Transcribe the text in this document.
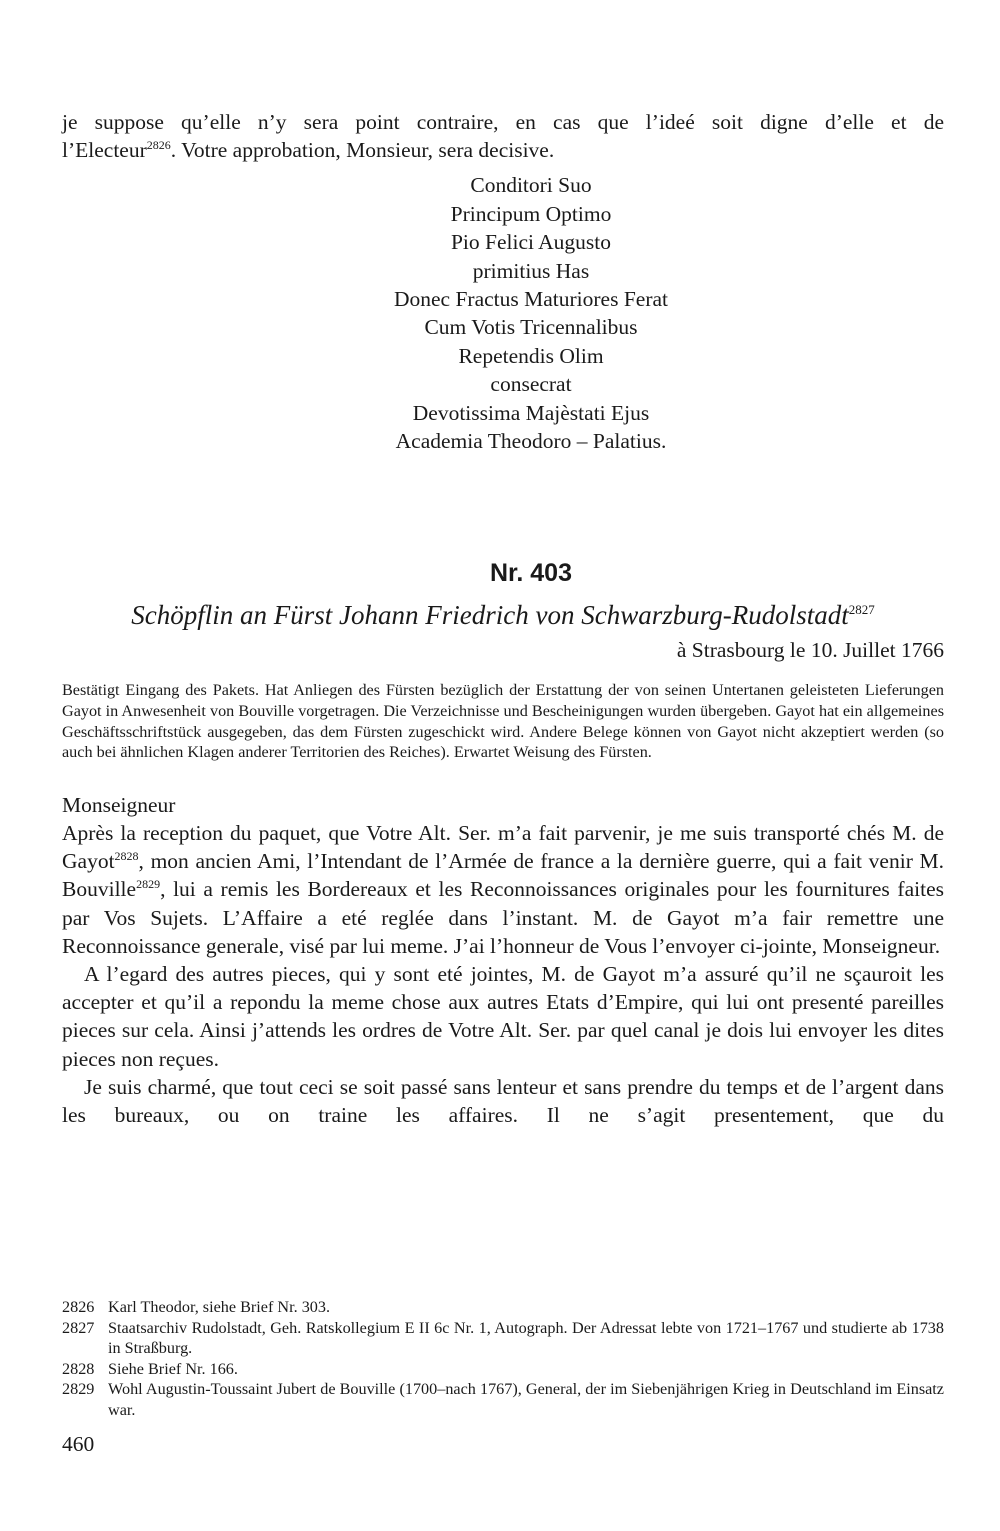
je suppose qu’elle n’y sera point contraire, en cas que l’ideé soit digne d’elle et de
l’Electeur$^{2826}$. Votre approbation, Monsieur, sera decisive.
Conditori Suo
Principum Optimo
Pio Felici Augusto
primitius Has
Donec Fractus Maturiores Ferat
Cum Votis Tricennalibus
Repetendis Olim
consecrat
Devotissima Majèstati Ejus
Academia Theodoro – Palatius.
Nr. 403
Schöpflin an Fürst Johann Friedrich von Schwarzburg-Rudolstadt$^{2827}$
à Strasbourg le 10. Juillet 1766
Bestätigt Eingang des Pakets. Hat Anliegen des Fürsten bezüglich der Erstattung der von seinen Untertanen geleisteten Lieferungen Gayot in Anwesenheit von Bouville vorgetragen. Die Verzeichnisse und Bescheinigungen wurden übergeben. Gayot hat ein allgemeines Geschäftsschriftstück ausgegeben, das dem Fürsten zugeschickt wird. Andere Belege können von Gayot nicht akzeptiert werden (so auch bei ähnlichen Klagen anderer Territorien des Reiches). Erwartet Weisung des Fürsten.
Monseigneur

Après la reception du paquet, que Votre Alt. Ser. m’a fait parvenir, je me suis transporté chés M. de Gayot$^{2828}$, mon ancien Ami, l’Intendant de l’Armée de france a la dernière guerre, qui a fait venir M. Bouville$^{2829}$, lui a remis les Bordereaux et les Reconnoissances originales pour les fournitures faites par Vos Sujets. L’Affaire a eté reglée dans l’instant. M. de Gayot m’a fair remettre une Reconnoissance generale, visé par lui meme. J’ai l’honneur de Vous l’envoyer ci-jointe, Monseigneur.

A l’egard des autres pieces, qui y sont eté jointes, M. de Gayot m’a assuré qu’il ne sçauroit les accepter et qu’il a repondu la meme chose aux autres Etats d’Empire, qui lui ont presenté pareilles pieces sur cela. Ainsi j’attends les ordres de Votre Alt. Ser. par quel canal je dois lui envoyer les dites pieces non reçues.

Je suis charmé, que tout ceci se soit passé sans lenteur et sans prendre du temps et de l’argent dans les bureaux, ou on traine les affaires. Il ne s’agit presentement, que du

2826 Karl Theodor, siehe Brief Nr. 303.
2827 Staatsarchiv Rudolstadt, Geh. Ratskollegium E II 6c Nr. 1, Autograph. Der Adressat lebte von 1721–1767 und studierte ab 1738 in Straßburg.
2828 Siehe Brief Nr. 166.
2829 Wohl Augustin-Toussaint Jubert de Bouville (1700–nach 1767), General, der im Siebenjährigen Krieg in Deutschland im Einsatz war.
460
